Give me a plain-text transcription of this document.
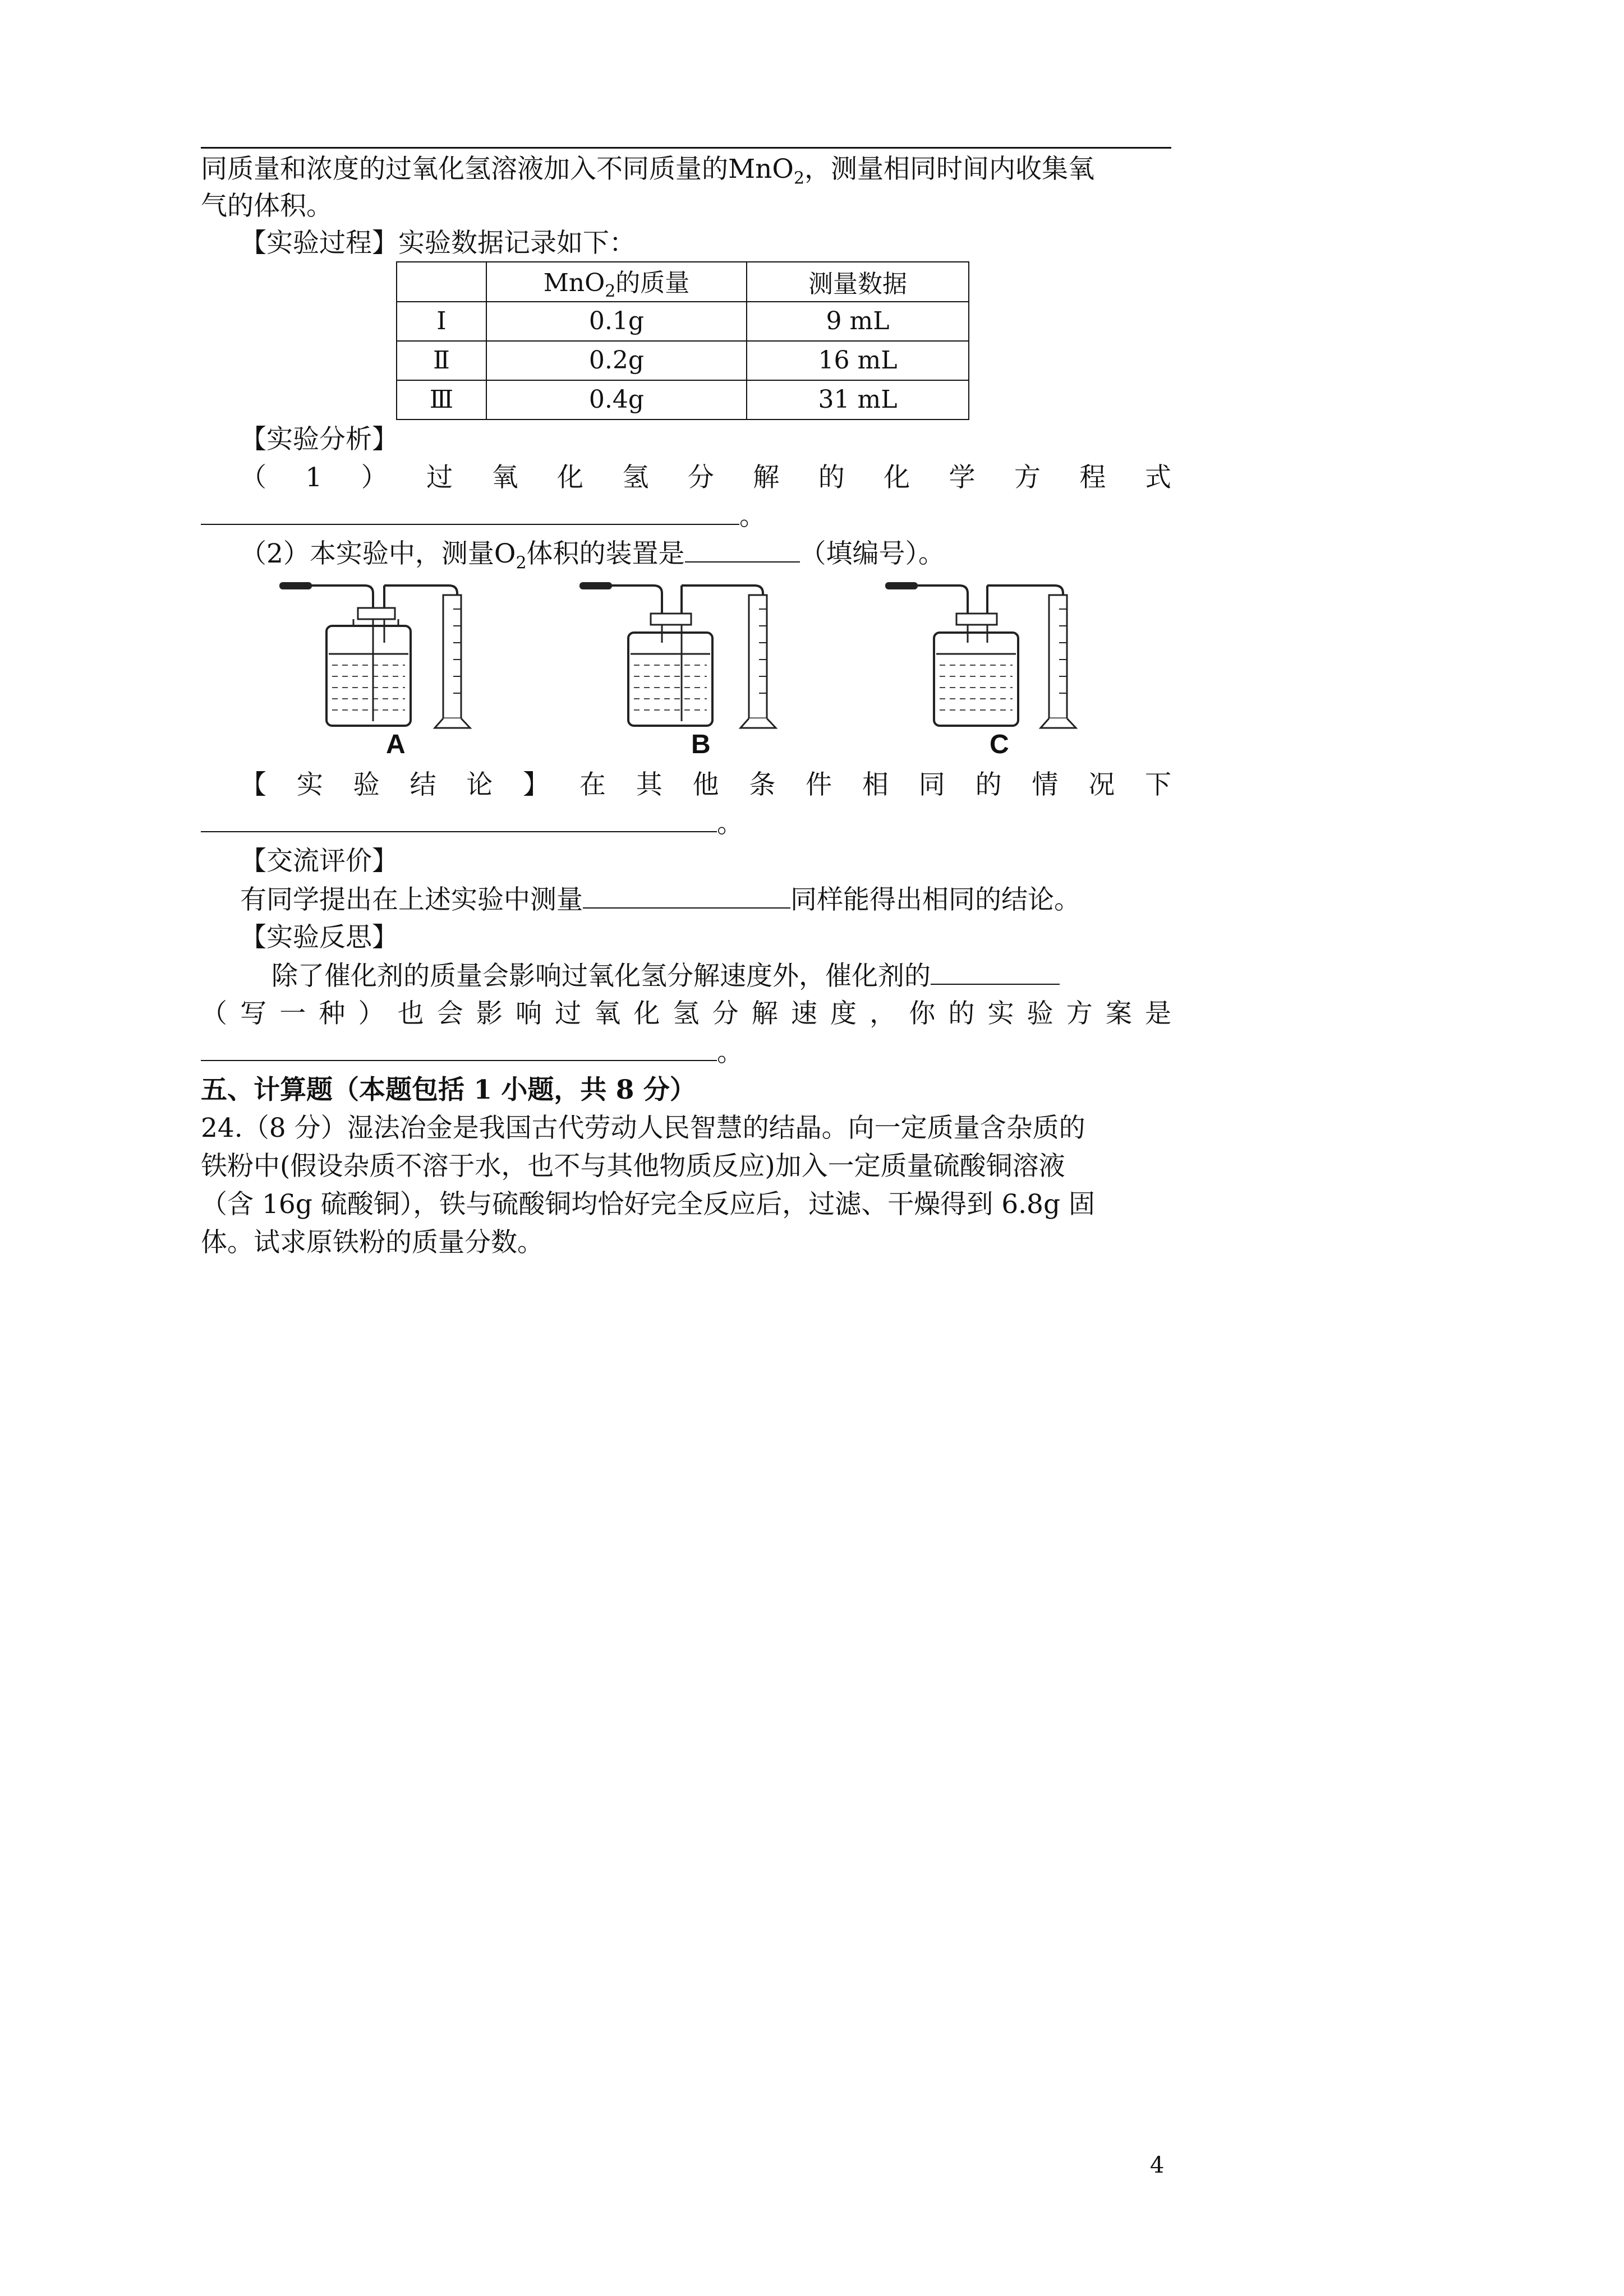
同质量和浓度的过氧化氢溶液加入不同质量的MnO$_2$，测量相同时间内收集氧
气的体积。
【实验过程】实验数据记录如下：
	MnO$_2$的质量	测量数据
Ⅰ	0.1g	9 mL
Ⅱ	0.2g	16 mL
Ⅲ	0.4g	31 mL
【实验分析】
（ 1 ） 过 氧 化 氢 分 解 的 化 学 方 程 式
。
（2）本实验中，测量$O_2$体积的装置是	（填编号）。
A	B	C
【 实 验 结 论 】 在 其 他 条 件 相 同 的 情 况 下
。
【交流评价】
有同学提出在上述实验中测量	同样能得出相同的结论。
【实验反思】
除了催化剂的质量会影响过氧化氢分解速度外，催化剂的
（ 写 一 种 ） 也 会 影 响 过 氧 化 氢 分 解 速 度 ， 你 的 实 验 方 案 是
。
五、计算题（本题包括 1 小题，共 8 分）
24.（8 分）湿法冶金是我国古代劳动人民智慧的结晶。向一定质量含杂质的
铁粉中(假设杂质不溶于水，也不与其他物质反应)加入一定质量硫酸铜溶液
（含 16g 硫酸铜），铁与硫酸铜均恰好完全反应后，过滤、干燥得到 6.8g 固
体。试求原铁粉的质量分数。
4
